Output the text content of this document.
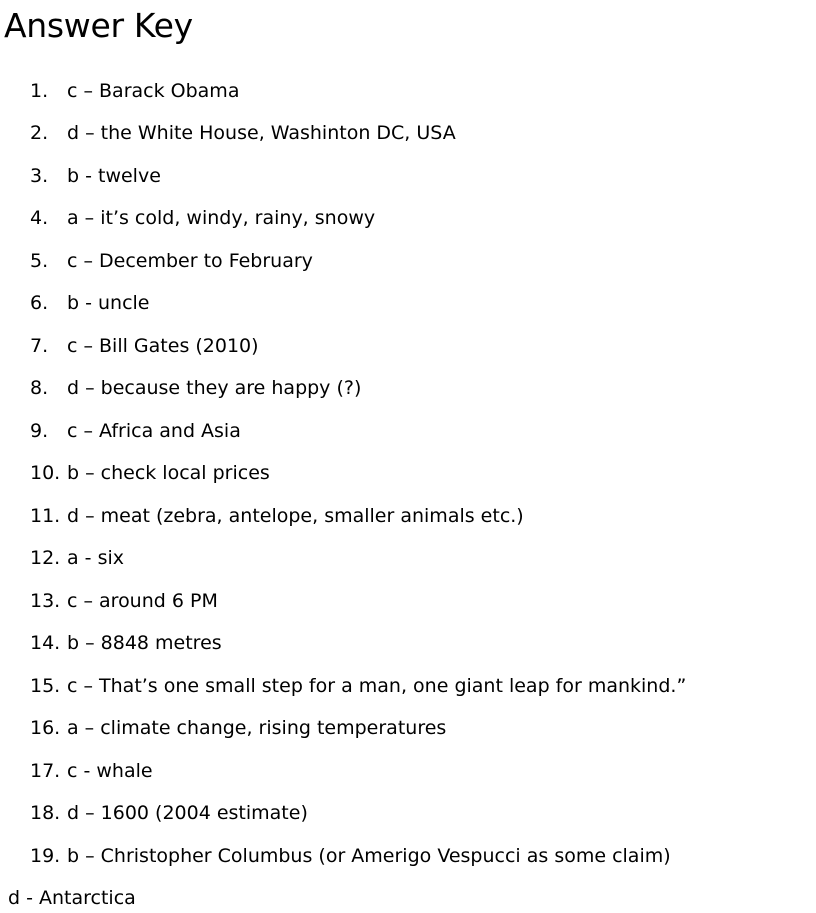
Answer Key
1. c – Barack Obama
2. d – the White House, Washinton DC, USA
3. b - twelve
4. a – it’s cold, windy, rainy, snowy
5. c – December to February
6. b - uncle
7. c – Bill Gates (2010)
8. d – because they are happy (?)
9. c – Africa and Asia
10. b – check local prices
11. d – meat (zebra, antelope, smaller animals etc.)
12. a - six
13. c – around 6 PM
14. b – 8848 metres
15. c – That’s one small step for a man, one giant leap for mankind.”
16. a – climate change, rising temperatures
17. c - whale
18. d – 1600 (2004 estimate)
19. b – Christopher Columbus (or Amerigo Vespucci as some claim)
d - Antarctica
